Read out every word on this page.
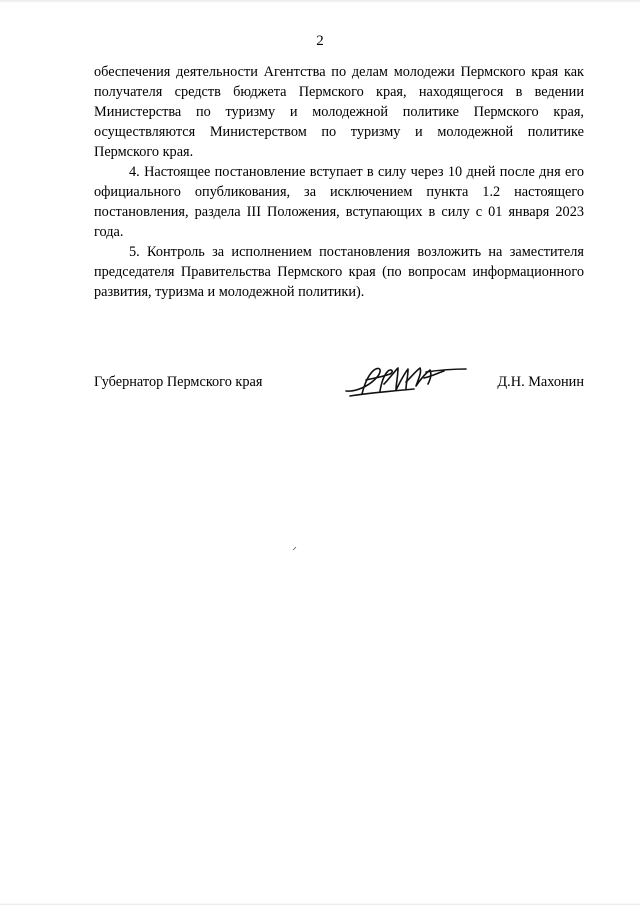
2

обеспечения деятельности Агентства по делам молодежи Пермского края как получателя средств бюджета Пермского края, находящегося в ведении Министерства по туризму и молодежной политике Пермского края, осуществляются Министерством по туризму и молодежной политике Пермского края.

4. Настоящее постановление вступает в силу через 10 дней после дня его официального опубликования, за исключением пункта 1.2 настоящего постановления, раздела III Положения, вступающих в силу с 01 января 2023 года.

5. Контроль за исполнением постановления возложить на заместителя председателя Правительства Пермского края (по вопросам информационного развития, туризма и молодежной политики).

Губернатор Пермского края	Д.Н. Махонин
